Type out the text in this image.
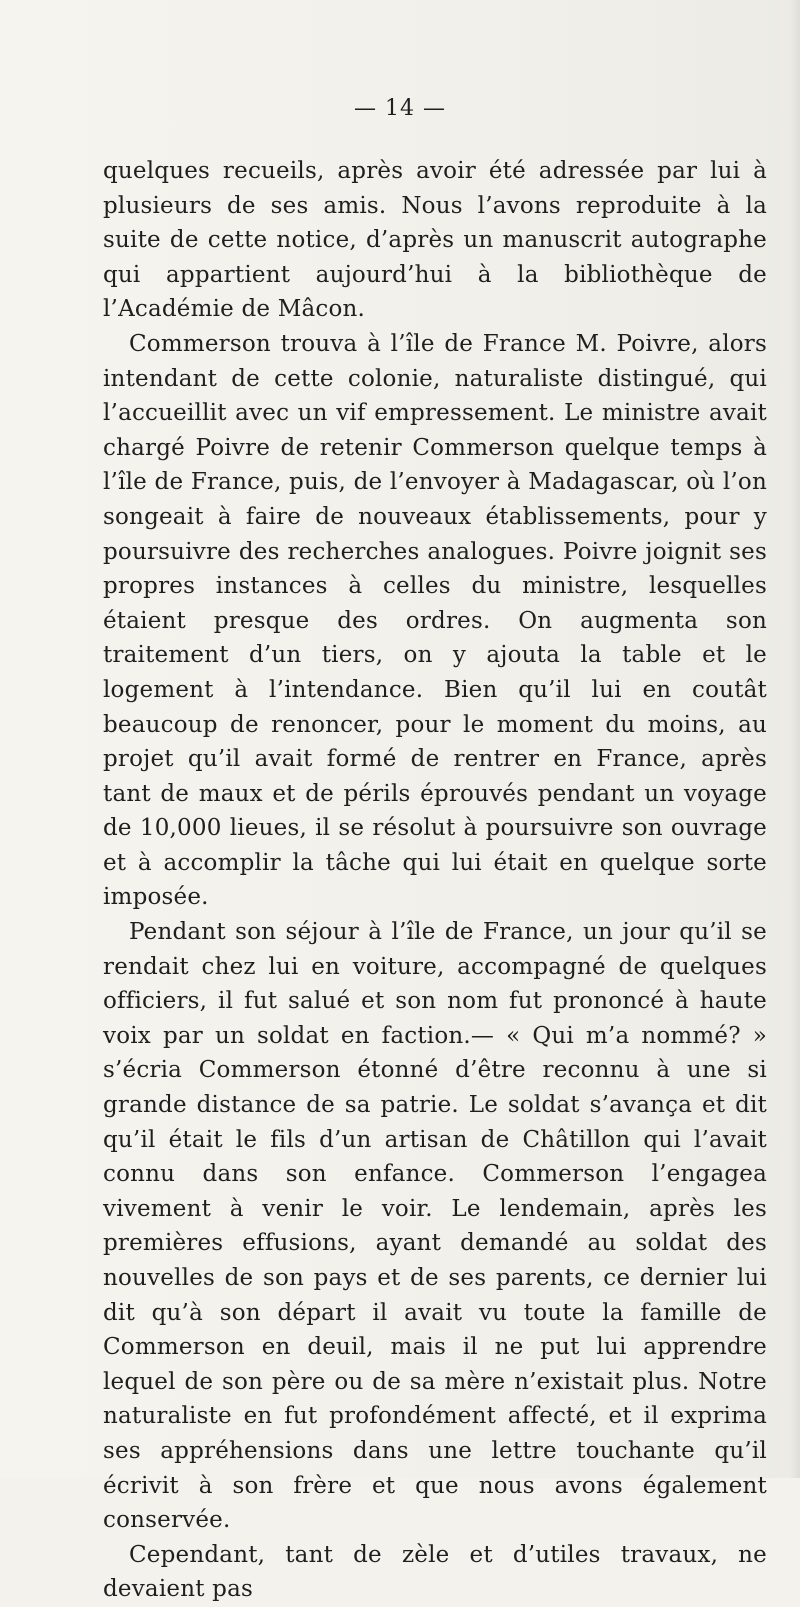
— 14 —

quelques recueils, après avoir été adressée par lui à plusieurs de ses amis. Nous l’avons reproduite à la suite de cette notice, d’après un manuscrit autographe qui appartient aujourd’hui à la bibliothèque de l’Académie de Mâcon.

Commerson trouva à l’île de France M. Poivre, alors intendant de cette colonie, naturaliste distingué, qui l’accueillit avec un vif empressement. Le ministre avait chargé Poivre de retenir Commerson quelque temps à l’île de France, puis, de l’envoyer à Madagascar, où l’on songeait à faire de nouveaux établissements, pour y poursuivre des recherches analogues. Poivre joignit ses propres instances à celles du ministre, lesquelles étaient presque des ordres. On augmenta son traitement d’un tiers, on y ajouta la table et le logement à l’intendance. Bien qu’il lui en coutât beaucoup de renoncer, pour le moment du moins, au projet qu’il avait formé de rentrer en France, après tant de maux et de périls éprouvés pendant un voyage de 10,000 lieues, il se résolut à poursuivre son ouvrage et à accomplir la tâche qui lui était en quelque sorte imposée.

Pendant son séjour à l’île de France, un jour qu’il se rendait chez lui en voiture, accompagné de quelques officiers, il fut salué et son nom fut prononcé à haute voix par un soldat en faction.— « Qui m’a nommé? » s’écria Commerson étonné d’être reconnu à une si grande distance de sa patrie. Le soldat s’avança et dit qu’il était le fils d’un artisan de Châtillon qui l’avait connu dans son enfance. Commerson l’engagea vivement à venir le voir. Le lendemain, après les premières effusions, ayant demandé au soldat des nouvelles de son pays et de ses parents, ce dernier lui dit qu’à son départ il avait vu toute la famille de Commerson en deuil, mais il ne put lui apprendre lequel de son père ou de sa mère n’existait plus. Notre naturaliste en fut profondément affecté, et il exprima ses appréhensions dans une lettre touchante qu’il écrivit à son frère et que nous avons également conservée.

Cependant, tant de zèle et d’utiles travaux, ne devaient pas
